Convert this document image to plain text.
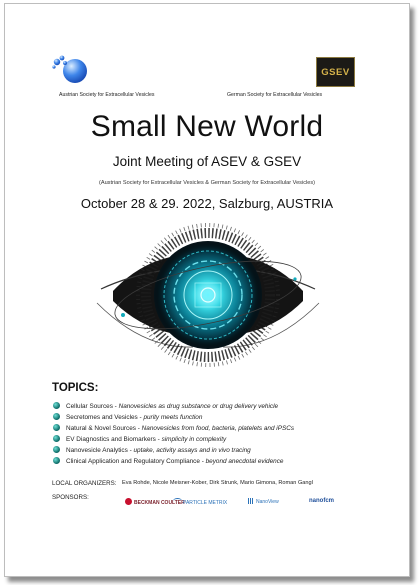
Austrian Society for Extracellular Vesicles
GSEV
German Society for Extracellular Vesicles
Small New World
Joint Meeting of ASEV & GSEV
(Austrian Society for Extracellular Vesicles & German Society for Extracellular Vesicles)
October 28 & 29. 2022, Salzburg, AUSTRIA
TOPICS:
Cellular Sources - Nanovesicles as drug substance or drug delivery vehicle
Secretomes and Vesicles - purity meets function
Natural & Novel Sources - Nanovesicles from food, bacteria, platelets and iPSCs
EV Diagnostics and Biomarkers - simplicity in complexity
Nanovesicle Analytics - uptake, activity assays and in vivo tracing
Clinical Application and Regulatory Compliance - beyond anecdotal evidence
LOCAL ORGANIZERS: Eva Rohde, Nicole Meisner-Kober, Dirk Strunk, Mario Gimona, Roman Gangl
SPONSORS:
BECKMAN COULTER
PARTICLE METRIX	NanoView	nanofcm
